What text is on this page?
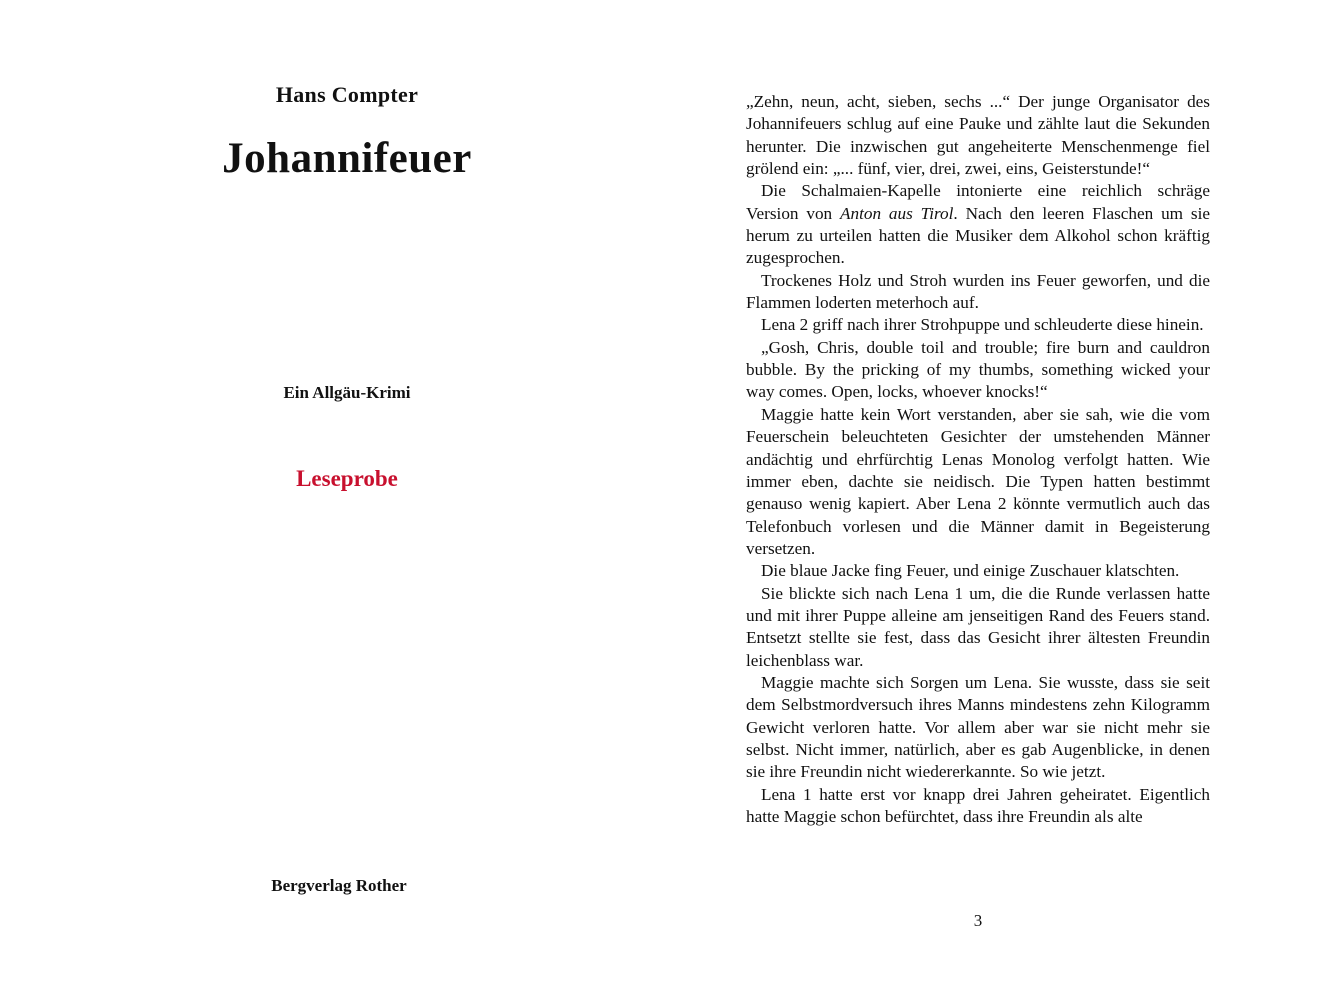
Hans Compter
Johannifeuer
Ein Allgäu-Krimi
Leseprobe
Bergverlag Rother

„Zehn, neun, acht, sieben, sechs ...“ Der junge Organisator des Johannifeuers schlug auf eine Pauke und zählte laut die Sekunden herunter. Die inzwischen gut angeheiterte Menschenmenge fiel grölend ein: „... fünf, vier, drei, zwei, eins, Geisterstunde!“

Die Schalmaien-Kapelle intonierte eine reichlich schräge Version von Anton aus Tirol. Nach den leeren Flaschen um sie herum zu urteilen hatten die Musiker dem Alkohol schon kräftig zugesprochen.

Trockenes Holz und Stroh wurden ins Feuer geworfen, und die Flammen loderten meterhoch auf.

Lena 2 griff nach ihrer Strohpuppe und schleuderte diese hinein.

„Gosh, Chris, double toil and trouble; fire burn and cauldron bubble. By the pricking of my thumbs, something wicked your way comes. Open, locks, whoever knocks!“

Maggie hatte kein Wort verstanden, aber sie sah, wie die vom Feuerschein beleuchteten Gesichter der umstehenden Männer andächtig und ehrfürchtig Lenas Monolog verfolgt hatten. Wie immer eben, dachte sie neidisch. Die Typen hatten bestimmt genauso wenig kapiert. Aber Lena 2 könnte vermutlich auch das Telefonbuch vorlesen und die Männer damit in Begeisterung versetzen.

Die blaue Jacke fing Feuer, und einige Zuschauer klatschten.

Sie blickte sich nach Lena 1 um, die die Runde verlassen hatte und mit ihrer Puppe alleine am jenseitigen Rand des Feuers stand. Entsetzt stellte sie fest, dass das Gesicht ihrer ältesten Freundin leichenblass war.

Maggie machte sich Sorgen um Lena. Sie wusste, dass sie seit dem Selbstmordversuch ihres Manns mindestens zehn Kilogramm Gewicht verloren hatte. Vor allem aber war sie nicht mehr sie selbst. Nicht immer, natürlich, aber es gab Augenblicke, in denen sie ihre Freundin nicht wiedererkannte. So wie jetzt.

Lena 1 hatte erst vor knapp drei Jahren geheiratet. Eigentlich hatte Maggie schon befürchtet, dass ihre Freundin als alte

3
